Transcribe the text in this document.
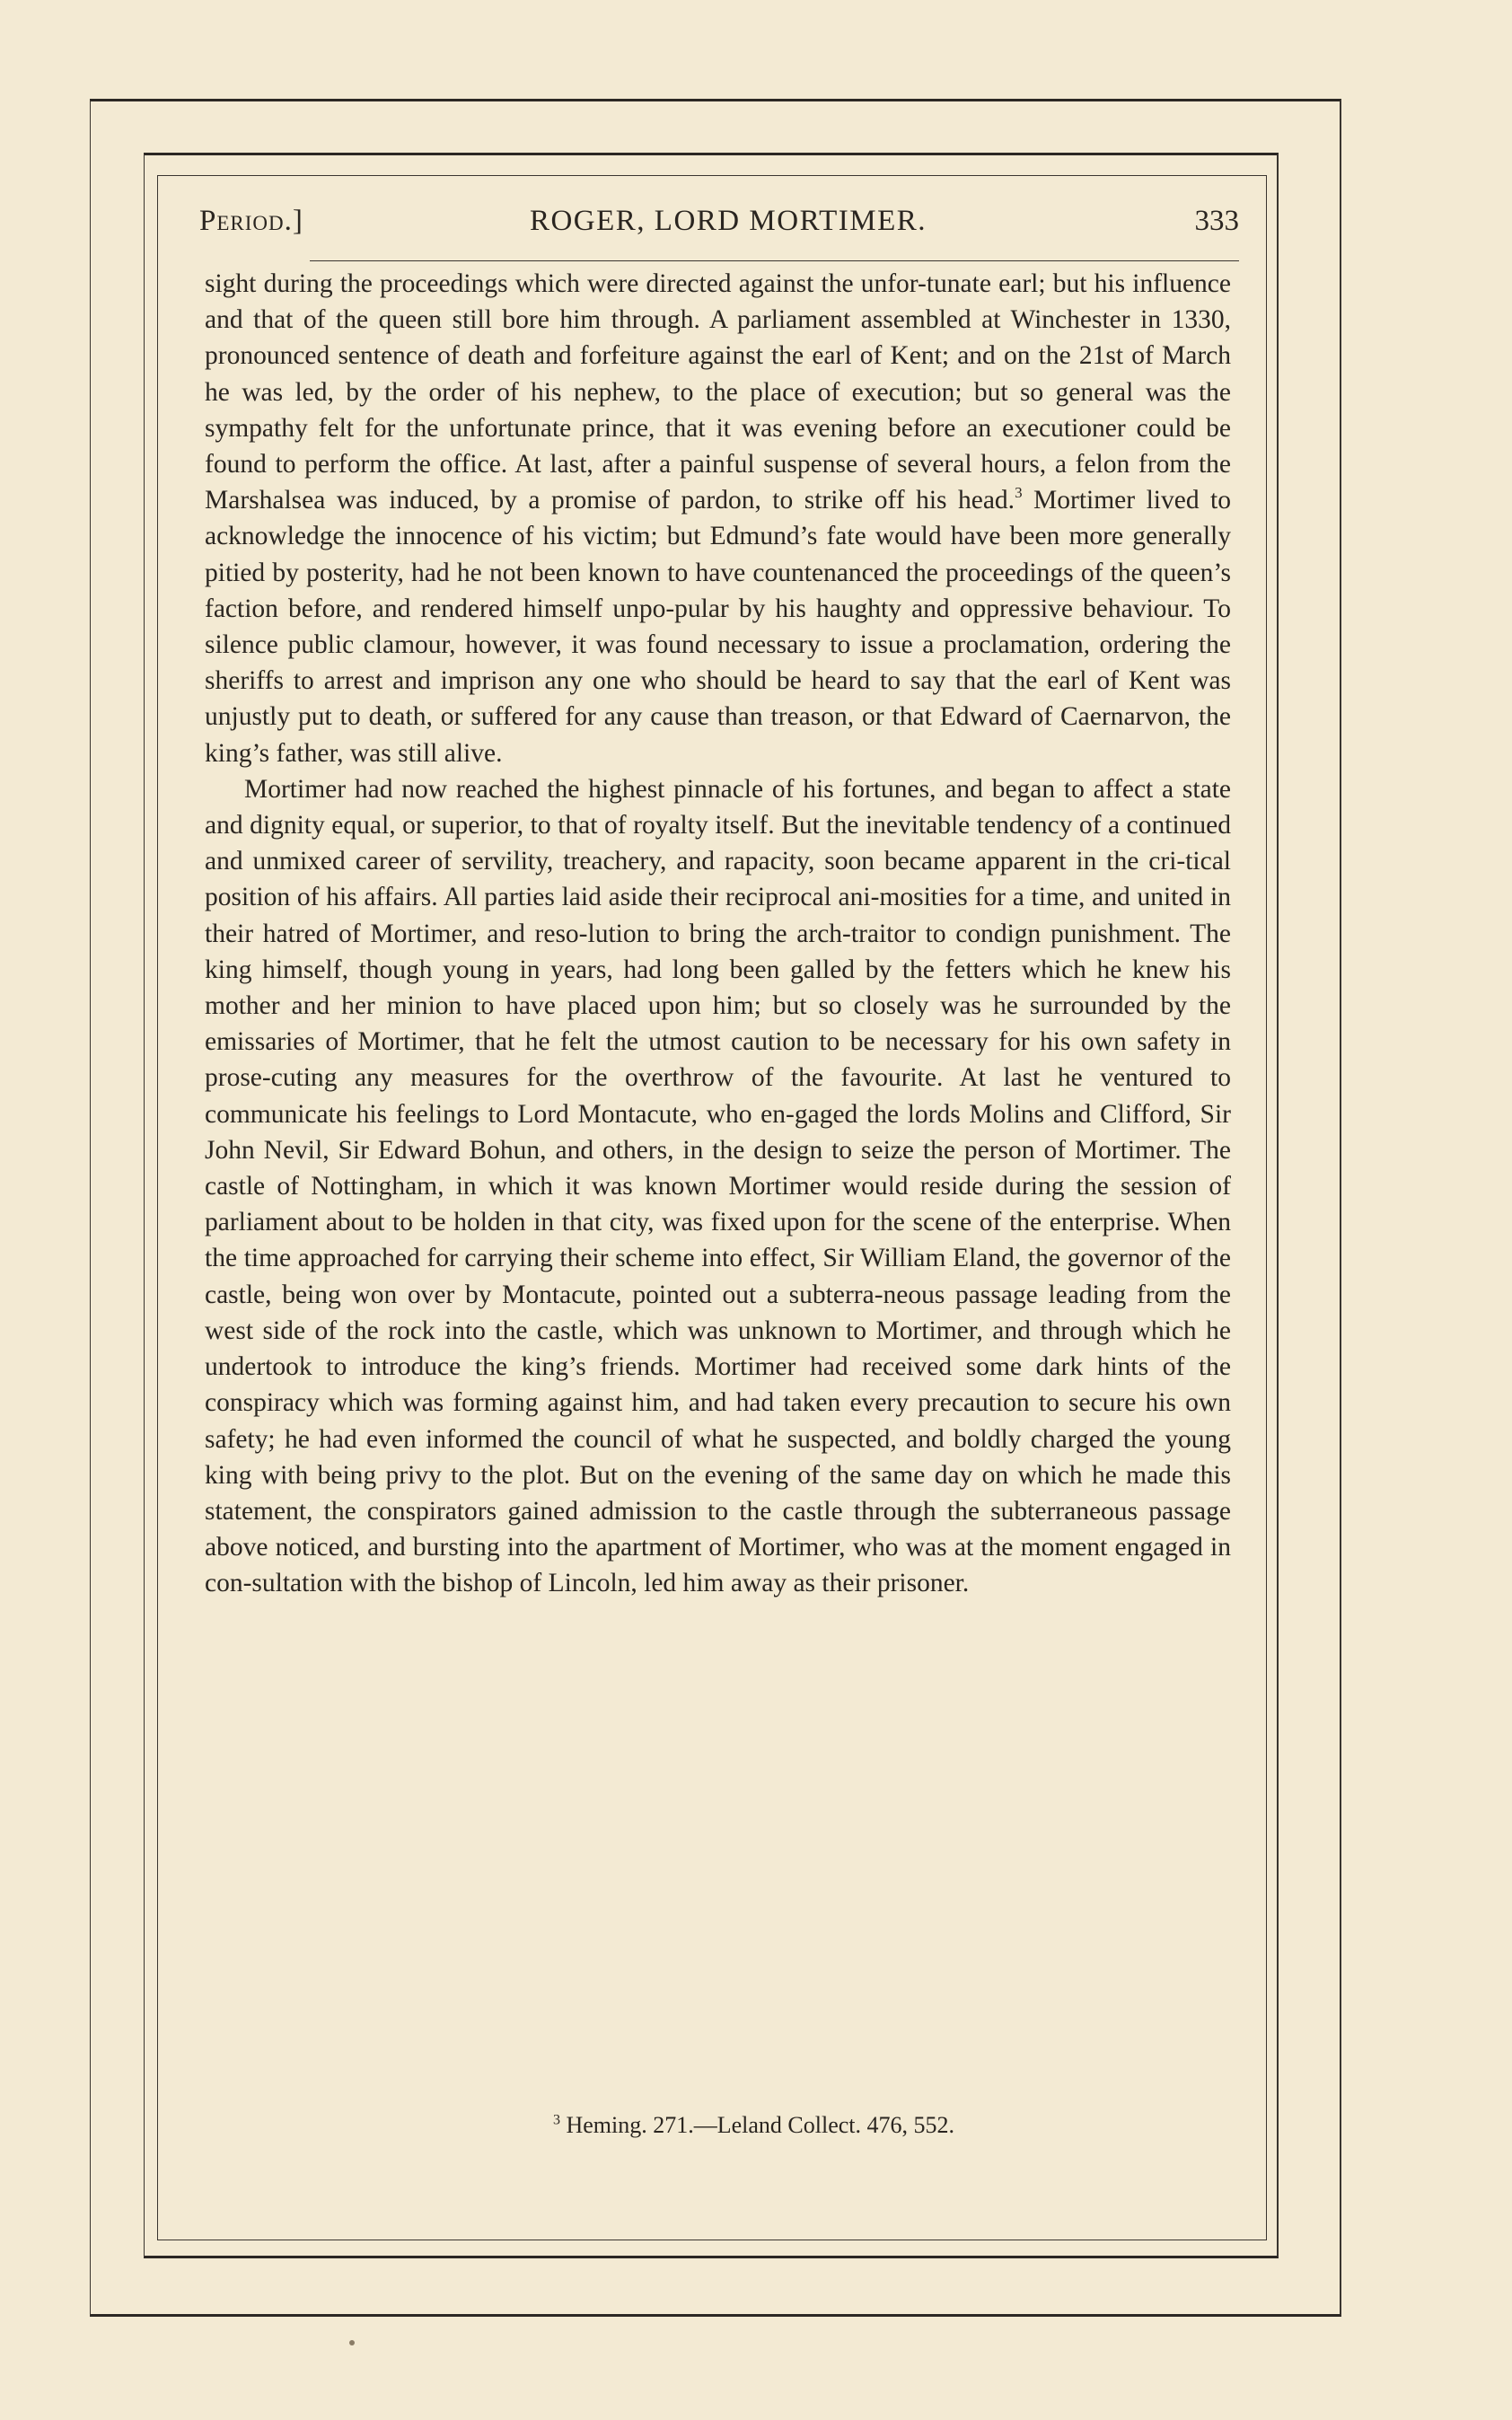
Period.]	ROGER, LORD MORTIMER.	333

sight during the proceedings which were directed against the unfor-tunate earl; but his influence and that of the queen still bore him through. A parliament assembled at Winchester in 1330, pronounced sentence of death and forfeiture against the earl of Kent; and on the 21st of March he was led, by the order of his nephew, to the place of execution; but so general was the sympathy felt for the unfortunate prince, that it was evening before an executioner could be found to perform the office. At last, after a painful suspense of several hours, a felon from the Marshalsea was induced, by a promise of pardon, to strike off his head.$^3$ Mortimer lived to acknowledge the innocence of his victim; but Edmund’s fate would have been more generally pitied by posterity, had he not been known to have countenanced the proceedings of the queen’s faction before, and rendered himself unpo-pular by his haughty and oppressive behaviour. To silence public clamour, however, it was found necessary to issue a proclamation, ordering the sheriffs to arrest and imprison any one who should be heard to say that the earl of Kent was unjustly put to death, or suffered for any cause than treason, or that Edward of Caernarvon, the king’s father, was still alive.

Mortimer had now reached the highest pinnacle of his fortunes, and began to affect a state and dignity equal, or superior, to that of royalty itself. But the inevitable tendency of a continued and unmixed career of servility, treachery, and rapacity, soon became apparent in the cri-tical position of his affairs. All parties laid aside their reciprocal ani-mosities for a time, and united in their hatred of Mortimer, and reso-lution to bring the arch-traitor to condign punishment. The king himself, though young in years, had long been galled by the fetters which he knew his mother and her minion to have placed upon him; but so closely was he surrounded by the emissaries of Mortimer, that he felt the utmost caution to be necessary for his own safety in prose-cuting any measures for the overthrow of the favourite. At last he ventured to communicate his feelings to Lord Montacute, who en-gaged the lords Molins and Clifford, Sir John Nevil, Sir Edward Bohun, and others, in the design to seize the person of Mortimer. The castle of Nottingham, in which it was known Mortimer would reside during the session of parliament about to be holden in that city, was fixed upon for the scene of the enterprise. When the time approached for carrying their scheme into effect, Sir William Eland, the governor of the castle, being won over by Montacute, pointed out a subterra-neous passage leading from the west side of the rock into the castle, which was unknown to Mortimer, and through which he undertook to introduce the king’s friends. Mortimer had received some dark hints of the conspiracy which was forming against him, and had taken every precaution to secure his own safety; he had even informed the council of what he suspected, and boldly charged the young king with being privy to the plot. But on the evening of the same day on which he made this statement, the conspirators gained admission to the castle through the subterraneous passage above noticed, and bursting into the apartment of Mortimer, who was at the moment engaged in con-sultation with the bishop of Lincoln, led him away as their prisoner.

$^3$ Heming. 271.—Leland Collect. 476, 552.
